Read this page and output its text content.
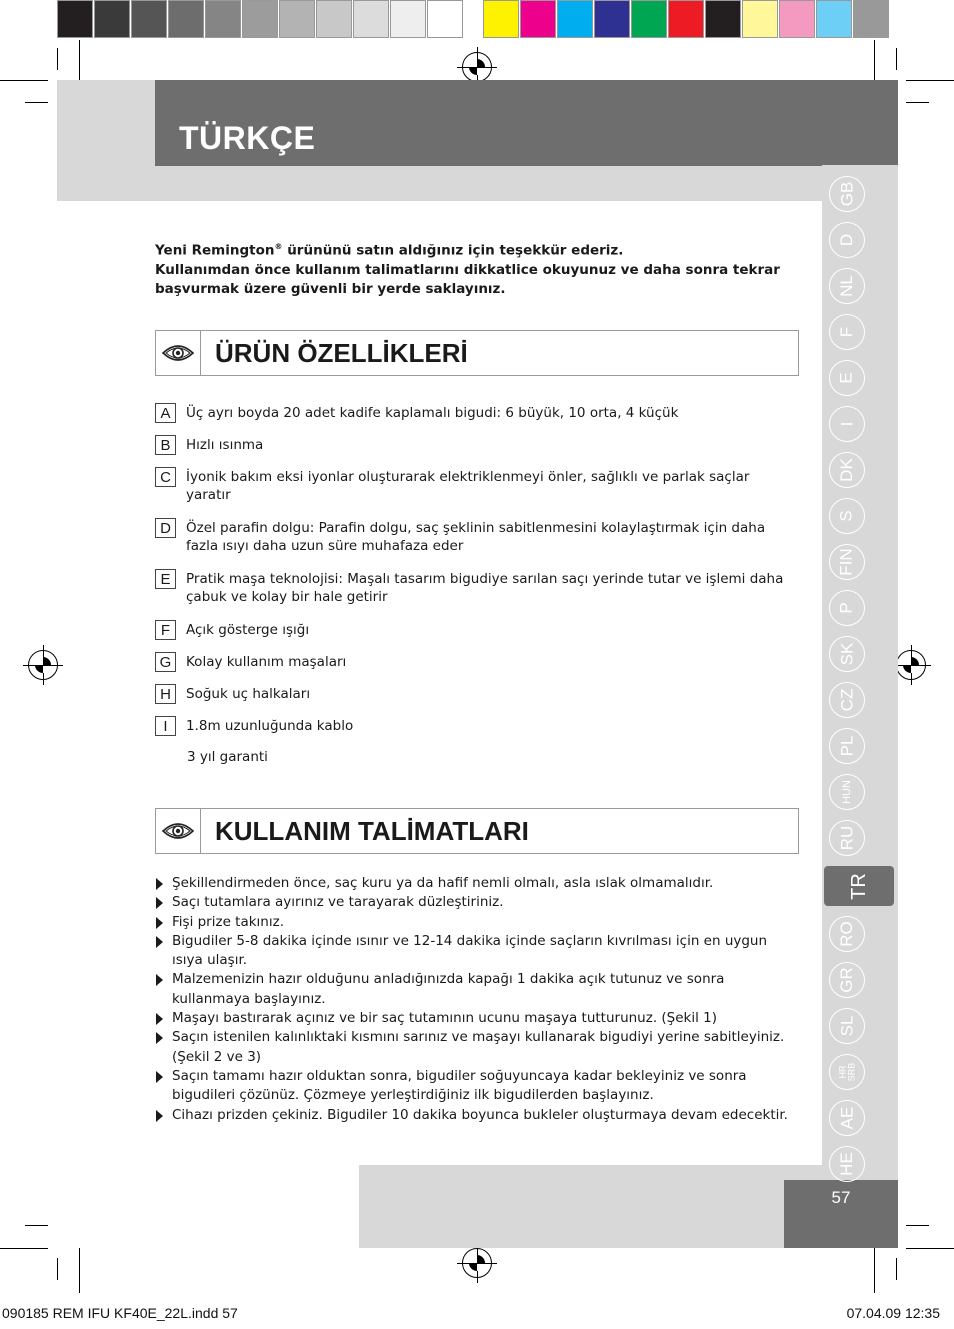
TÜRKÇE
57
GB
D
NL
F
E
I
DK
S
FIN
P
SK
CZ
PL
HUN
RU
TR
RO
GR
SL
HR
SRB
AE
HE
Yeni Remington® ürününü satın aldığınız için teşekkür ederiz.
Kullanımdan önce kullanım talimatlarını dikkatlice okuyunuz ve daha sonra tekrar başvurmak üzere güvenli bir yerde saklayınız.
ÜRÜN ÖZELLİKLERİ
A	Üç ayrı boyda 20 adet kadife kaplamalı bigudi: 6 büyük, 10 orta, 4 küçük
B	Hızlı ısınma
C	İyonik bakım eksi iyonlar oluşturarak elektriklenmeyi önler, sağlıklı ve parlak saçlar yaratır
D	Özel parafin dolgu: Parafin dolgu, saç şeklinin sabitlenmesini kolaylaştırmak için daha fazla ısıyı daha uzun süre muhafaza eder
E	Pratik maşa teknolojisi: Maşalı tasarım bigudiye sarılan saçı yerinde tutar ve işlemi daha çabuk ve kolay bir hale getirir
F	Açık gösterge ışığı
G	Kolay kullanım maşaları
H	Soğuk uç halkaları
I	1.8m uzunluğunda kablo
3 yıl garanti
KULLANIM TALİMATLARI
Şekillendirmeden önce, saç kuru ya da hafif nemli olmalı, asla ıslak olmamalıdır.
Saçı tutamlara ayırınız ve tarayarak düzleştiriniz.
Fişi prize takınız.
Bigudiler 5-8 dakika içinde ısınır ve 12-14 dakika içinde saçların kıvrılması için en uygun ısıya ulaşır.
Malzemenizin hazır olduğunu anladığınızda kapağı 1 dakika açık tutunuz ve sonra kullanmaya başlayınız.
Maşayı bastırarak açınız ve bir saç tutamının ucunu maşaya tutturunuz. (Şekil 1)
Saçın istenilen kalınlıktaki kısmını sarınız ve maşayı kullanarak bigudiyi yerine sabitleyiniz. (Şekil 2 ve 3)
Saçın tamamı hazır olduktan sonra, bigudiler soğuyuncaya kadar bekleyiniz ve sonra bigudileri çözünüz. Çözmeye yerleştirdiğiniz ilk bigudilerden başlayınız.
Cihazı prizden çekiniz. Bigudiler 10 dakika boyunca bukleler oluşturmaya devam edecektir.
090185 REM IFU KF40E_22L.indd 57	07.04.09 12:35
